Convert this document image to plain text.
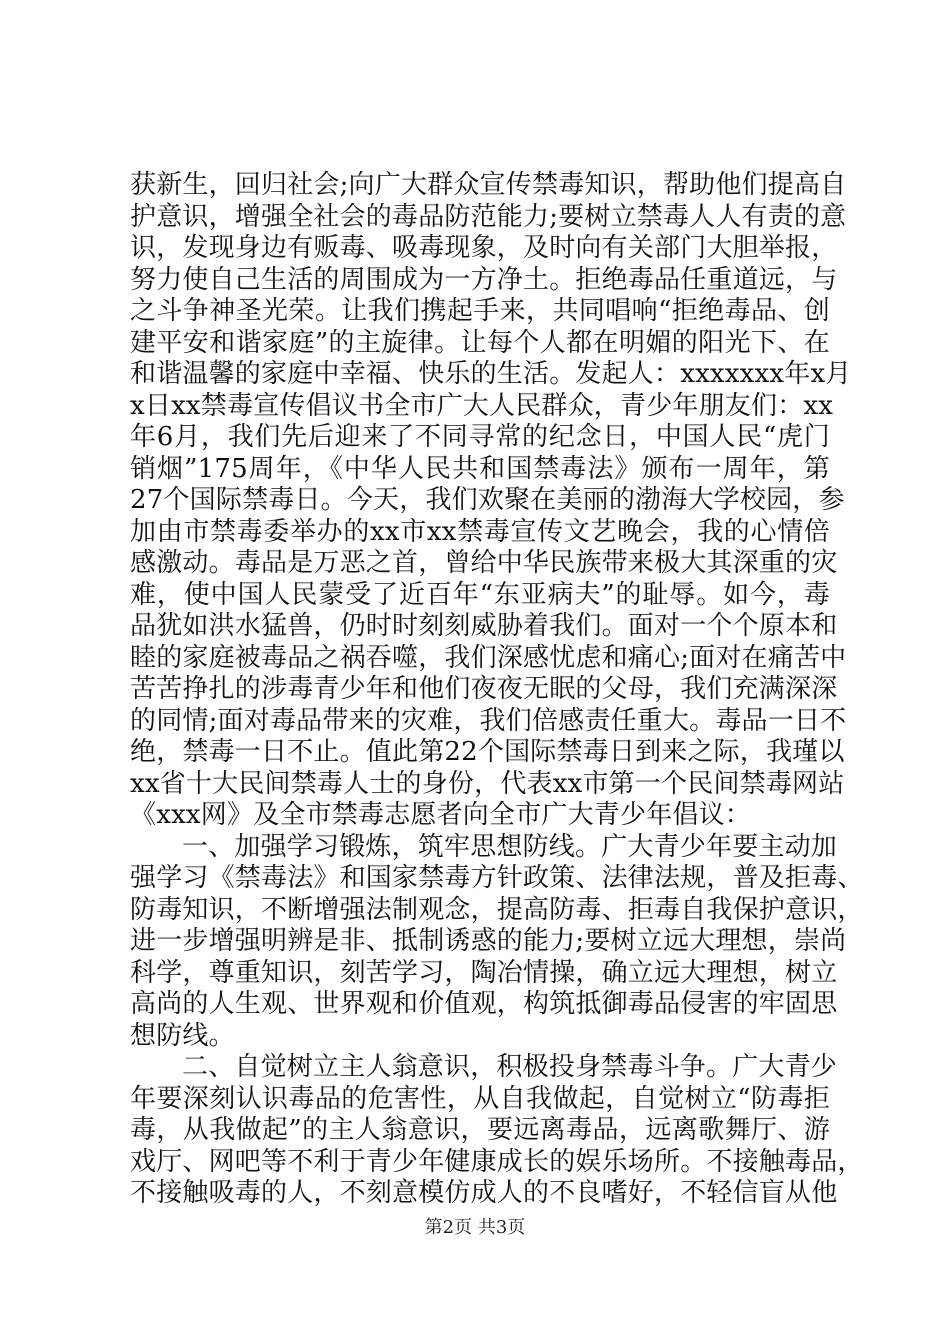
获新生，回归社会;向广大群众宣传禁毒知识，帮助他们提高自
护意识，增强全社会的毒品防范能力;要树立禁毒人人有责的意
识，发现身边有贩毒、吸毒现象，及时向有关部门大胆举报，
努力使自己生活的周围成为一方净土。拒绝毒品任重道远，与
之斗争神圣光荣。让我们携起手来，共同唱响“拒绝毒品、创
建平安和谐家庭”的主旋律。让每个人都在明媚的阳光下、在
和谐温馨的家庭中幸福、快乐的生活。发起人：xxxxxxx年x月
x日xx禁毒宣传倡议书全市广大人民群众，青少年朋友们：xx
年6月，我们先后迎来了不同寻常的纪念日，中国人民“虎门
销烟”175周年，《中华人民共和国禁毒法》颁布一周年，第
27个国际禁毒日。今天，我们欢聚在美丽的渤海大学校园，参
加由市禁毒委举办的xx市xx禁毒宣传文艺晚会，我的心情倍
感激动。毒品是万恶之首，曾给中华民族带来极大其深重的灾
难，使中国人民蒙受了近百年“东亚病夫”的耻辱。如今，毒
品犹如洪水猛兽，仍时时刻刻威胁着我们。面对一个个原本和
睦的家庭被毒品之祸吞噬，我们深感忧虑和痛心;面对在痛苦中
苦苦挣扎的涉毒青少年和他们夜夜无眠的父母，我们充满深深
的同情;面对毒品带来的灾难，我们倍感责任重大。毒品一日不
绝，禁毒一日不止。值此第22个国际禁毒日到来之际，我瑾以
xx省十大民间禁毒人士的身份，代表xx市第一个民间禁毒网站
《xxx网》及全市禁毒志愿者向全市广大青少年倡议：
一、加强学习锻炼，筑牢思想防线。广大青少年要主动加
强学习《禁毒法》和国家禁毒方针政策、法律法规，普及拒毒、
防毒知识，不断增强法制观念，提高防毒、拒毒自我保护意识，
进一步增强明辨是非、抵制诱惑的能力;要树立远大理想，崇尚
科学，尊重知识，刻苦学习，陶冶情操，确立远大理想，树立
高尚的人生观、世界观和价值观，构筑抵御毒品侵害的牢固思
想防线。
二、自觉树立主人翁意识，积极投身禁毒斗争。广大青少
年要深刻认识毒品的危害性，从自我做起，自觉树立“防毒拒
毒，从我做起”的主人翁意识，要远离毒品，远离歌舞厅、游
戏厅、网吧等不利于青少年健康成长的娱乐场所。不接触毒品，
不接触吸毒的人，不刻意模仿成人的不良嗜好，不轻信盲从他
第2页 共3页
